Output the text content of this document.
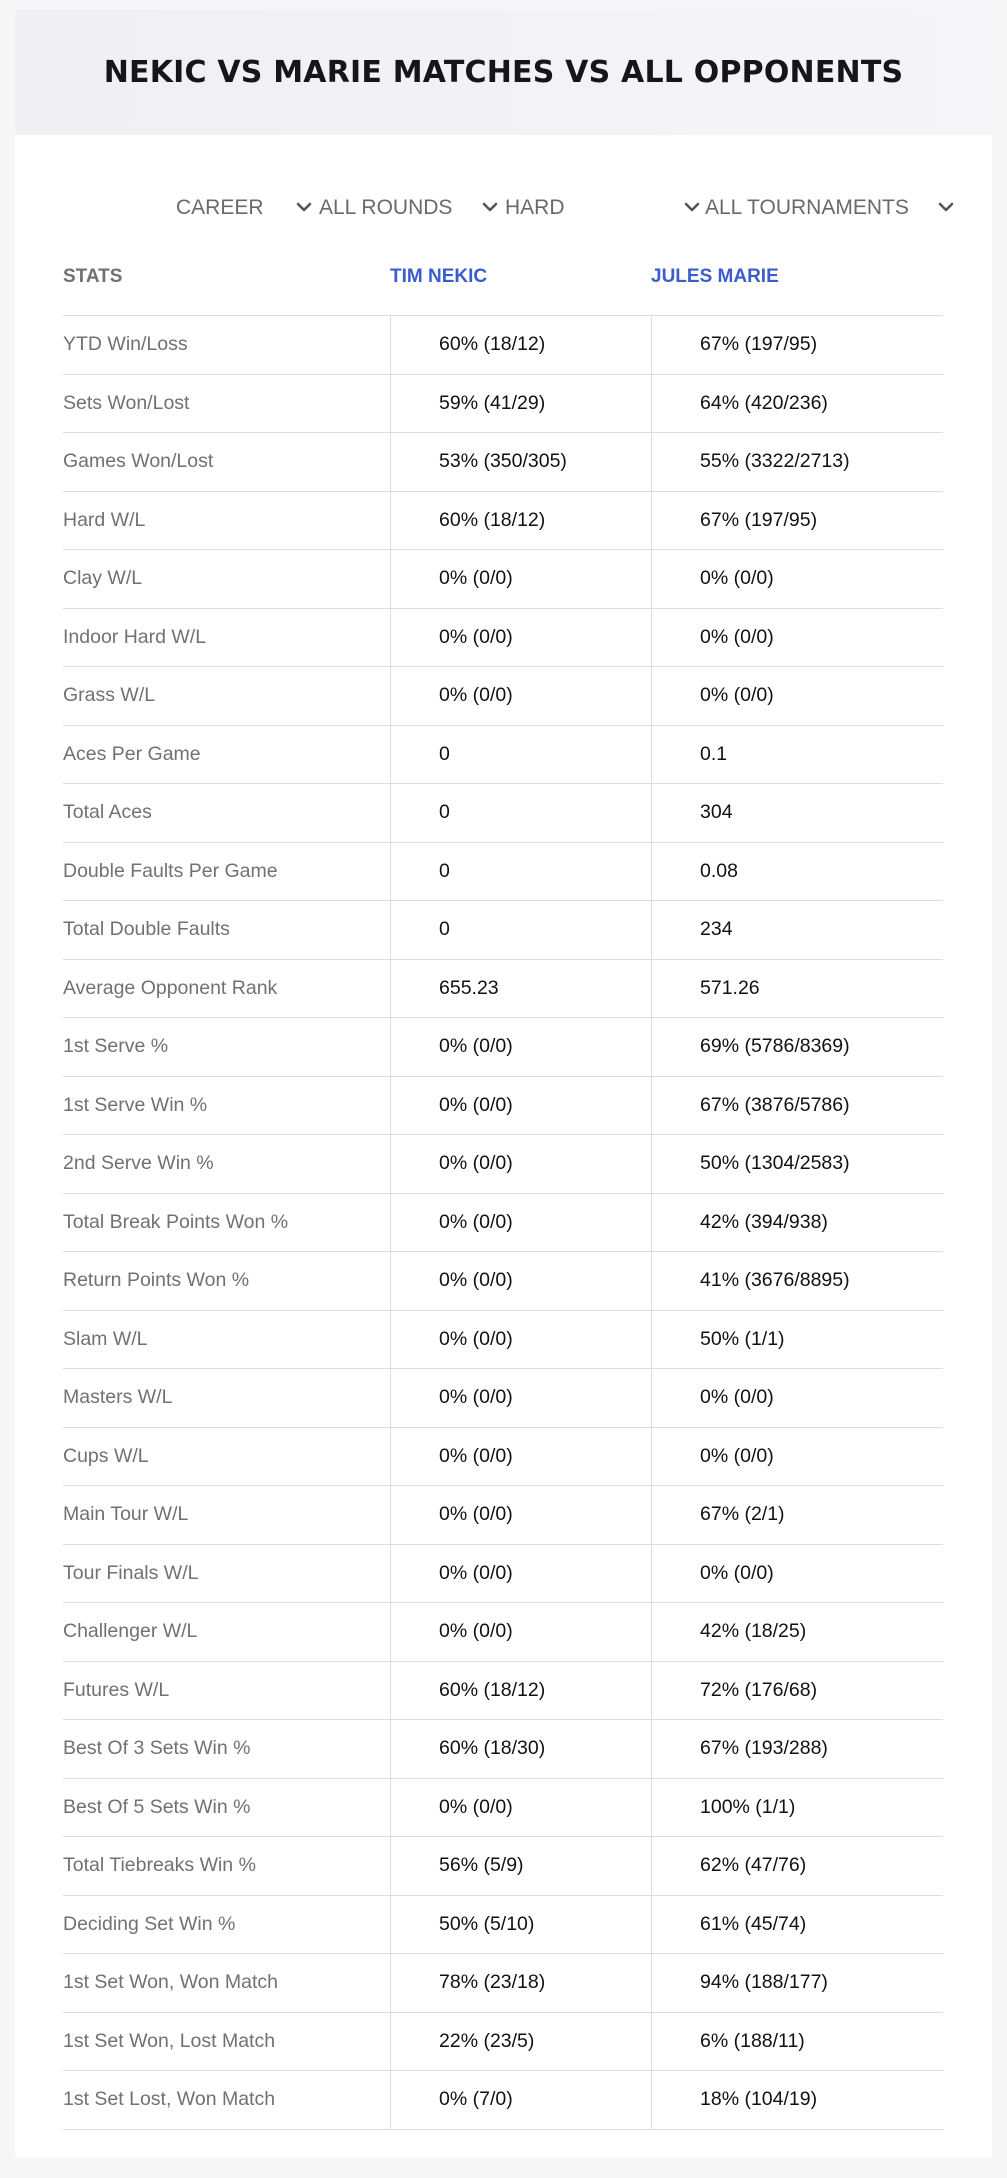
NEKIC VS MARIE MATCHES VS ALL OPPONENTS
CAREER	ALL ROUNDS	HARD	ALL TOURNAMENTS
STATS	TIM NEKIC	JULES MARIE
YTD Win/Loss	60% (18/12)	67% (197/95)
Sets Won/Lost	59% (41/29)	64% (420/236)
Games Won/Lost	53% (350/305)	55% (3322/2713)
Hard W/L	60% (18/12)	67% (197/95)
Clay W/L	0% (0/0)	0% (0/0)
Indoor Hard W/L	0% (0/0)	0% (0/0)
Grass W/L	0% (0/0)	0% (0/0)
Aces Per Game	0	0.1
Total Aces	0	304
Double Faults Per Game	0	0.08
Total Double Faults	0	234
Average Opponent Rank	655.23	571.26
1st Serve %	0% (0/0)	69% (5786/8369)
1st Serve Win %	0% (0/0)	67% (3876/5786)
2nd Serve Win %	0% (0/0)	50% (1304/2583)
Total Break Points Won %	0% (0/0)	42% (394/938)
Return Points Won %	0% (0/0)	41% (3676/8895)
Slam W/L	0% (0/0)	50% (1/1)
Masters W/L	0% (0/0)	0% (0/0)
Cups W/L	0% (0/0)	0% (0/0)
Main Tour W/L	0% (0/0)	67% (2/1)
Tour Finals W/L	0% (0/0)	0% (0/0)
Challenger W/L	0% (0/0)	42% (18/25)
Futures W/L	60% (18/12)	72% (176/68)
Best Of 3 Sets Win %	60% (18/30)	67% (193/288)
Best Of 5 Sets Win %	0% (0/0)	100% (1/1)
Total Tiebreaks Win %	56% (5/9)	62% (47/76)
Deciding Set Win %	50% (5/10)	61% (45/74)
1st Set Won, Won Match	78% (23/18)	94% (188/177)
1st Set Won, Lost Match	22% (23/5)	6% (188/11)
1st Set Lost, Won Match	0% (7/0)	18% (104/19)
